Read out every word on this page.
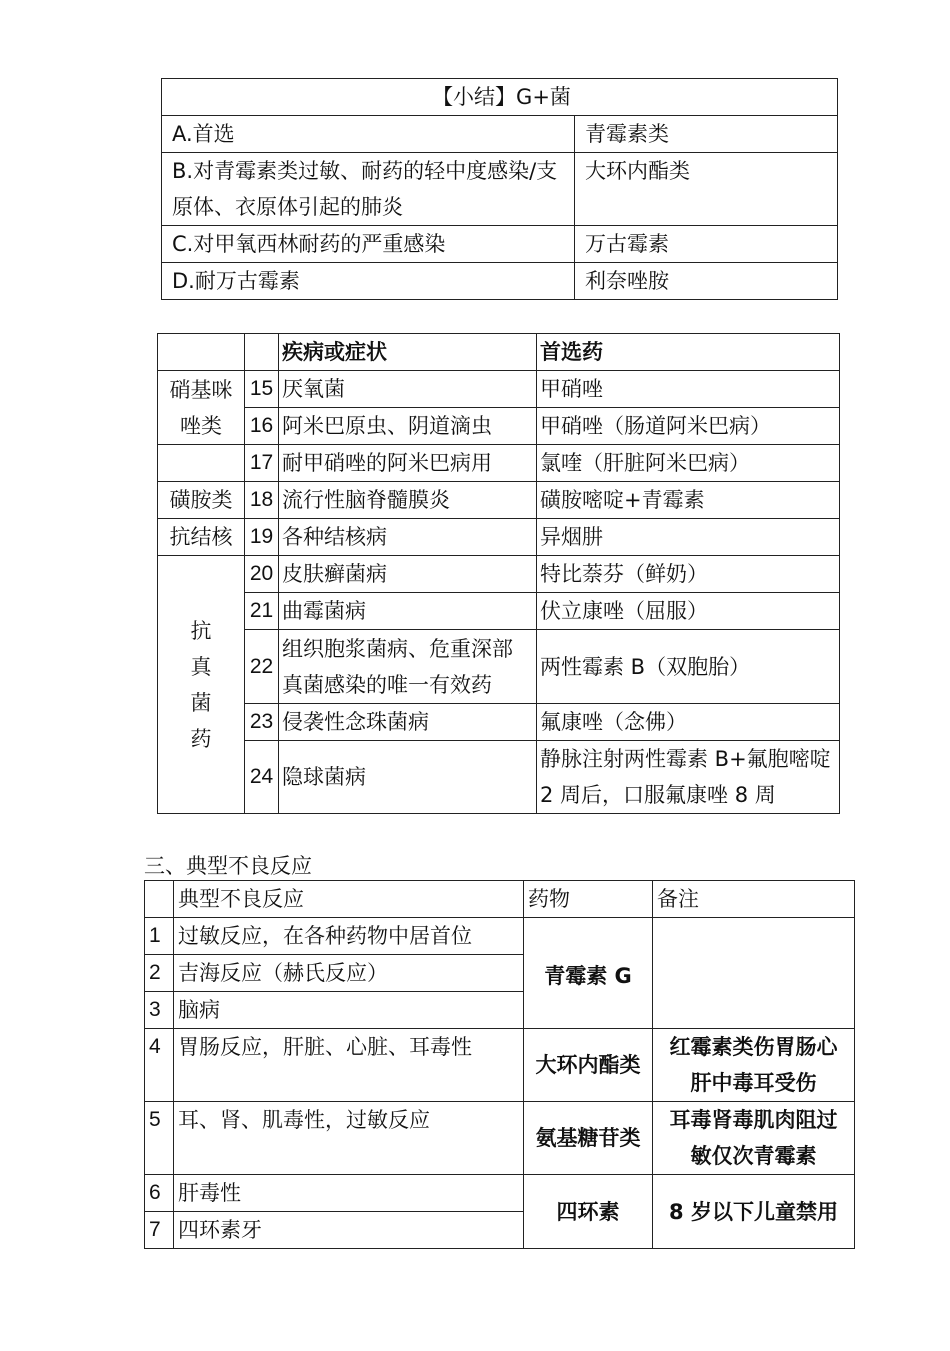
【小结】G+菌	
A.首选	青霉素类
B.对青霉素类过敏、耐药的轻中度感染/支原体、衣原体引起的肺炎	大环内酯类
C.对甲氧西林耐药的严重感染	万古霉素
D.耐万古霉素	利奈唑胺
		疾病或症状	首选药
硝基咪唑类	15	厌氧菌	甲硝唑
	16	阿米巴原虫、阴道滴虫	甲硝唑（肠道阿米巴病）
	17	耐甲硝唑的阿米巴病用	氯喹（肝脏阿米巴病）
磺胺类	18	流行性脑脊髓膜炎	磺胺嘧啶+青霉素
抗结核	19	各种结核病	异烟肼
抗真菌药	20	皮肤癣菌病	特比萘芬（鲜奶）
	21	曲霉菌病	伏立康唑（屈服）
	22	组织胞浆菌病、危重深部真菌感染的唯一有效药	两性霉素 B（双胞胎）
	23	侵袭性念珠菌病	氟康唑（念佛）
	24	隐球菌病	静脉注射两性霉素 B+氟胞嘧啶 2 周后，口服氟康唑 8 周
三、典型不良反应
	典型不良反应	药物	备注
1	过敏反应，在各种药物中居首位	青霉素 G	
2	吉海反应（赫氏反应）		
3	脑病		
4	胃肠反应，肝脏、心脏、耳毒性	大环内酯类	红霉素类伤胃肠心肝中毒耳受伤
5	耳、肾、肌毒性，过敏反应	氨基糖苷类	耳毒肾毒肌肉阻过敏仅次青霉素
6	肝毒性	四环素	8 岁以下儿童禁用
7	四环素牙		
